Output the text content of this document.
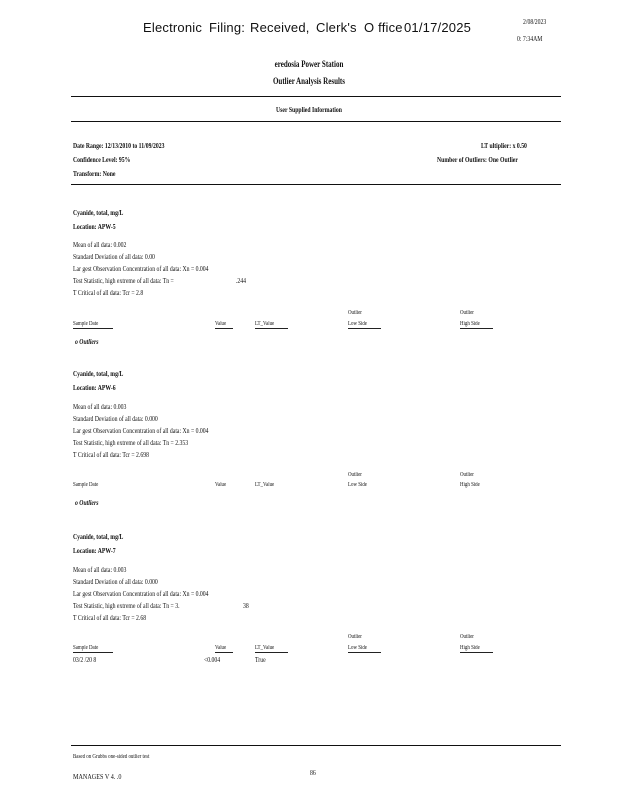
Electronic Filing: Received, Clerk's O ffice 01/17/2025	2/08/2023
0: 7:34AM
eredosia Power Station
Outlier Analysis Results
User Supplied Information
Date Range: 12/13/2010 to 11/09/2023
Confidence Level: 95%
Transform: None
LT ultiplier: x 0.50
Number of Outliers: One Outlier
Cyanide, total, mg/L
Location: APW-5
Mean of all data: 0.002
Standard Deviation of all data: 0.00
Lar gest Observation Concentration of all data: Xn = 0.004
Test Statistic, high extreme of all data: Tn =	.244
T Critical of all data: Tcr = 2.8
Outlier	Outlier
Sample Date	Value	LT_Value	Low Side	High Side
o Outliers
Cyanide, total, mg/L
Location: APW-6
Mean of all data: 0.003
Standard Deviation of all data: 0.000
Lar gest Observation Concentration of all data: Xn = 0.004
Test Statistic, high extreme of all data: Tn = 2.353
T Critical of all data: Tcr = 2.698
Outlier	Outlier
Sample Date	Value	LT_Value	Low Side	High Side
o Outliers
Cyanide, total, mg/L
Location: APW-7
Mean of all data: 0.003
Standard Deviation of all data: 0.000
Lar gest Observation Concentration of all data: Xn = 0.004
Test Statistic, high extreme of all data: Tn = 3.	38
T Critical of all data: Tcr = 2.68
Outlier	Outlier
Sample Date	Value	LT_Value	Low Side	High Side
03/2 /20 8	<0.004	True
Based on Grubbs one-sided outlier test
MANAGES V 4. .0	86
